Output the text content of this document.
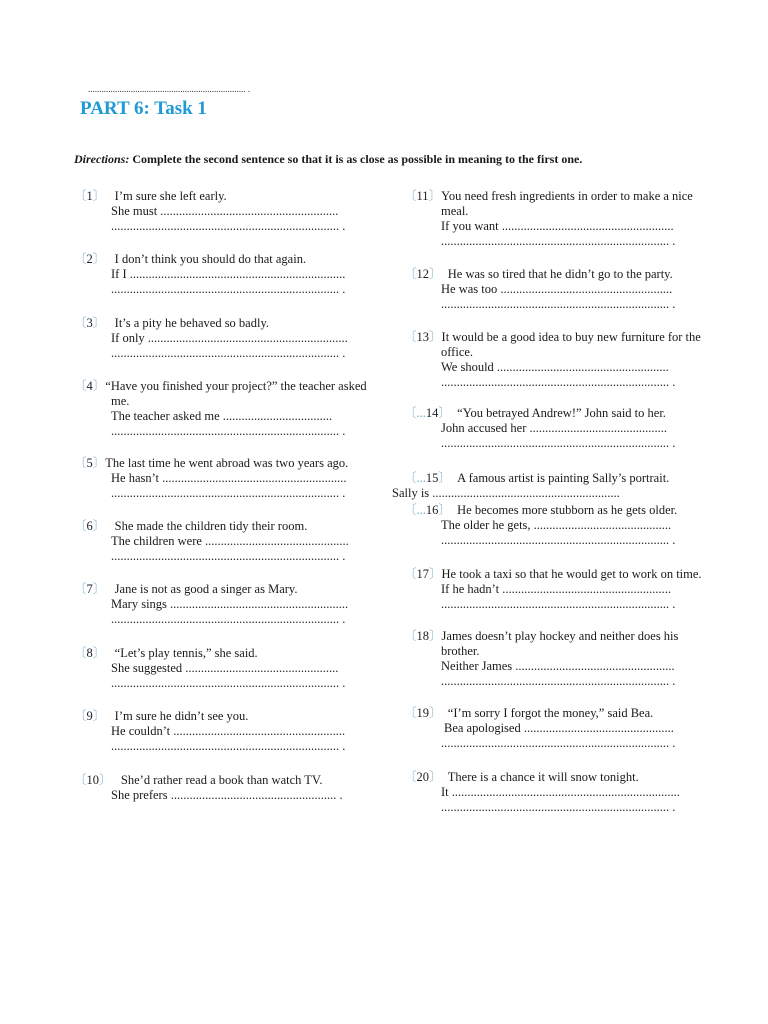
...................................................................... .
PART 6: Task 1
Directions: Complete the second sentence so that it is as close as possible in meaning to the first one.
〔1〕 I’m sure she left early.
She must .........................................................
......................................................................... .
〔2〕 I don’t think you should do that again.
If I .....................................................................
......................................................................... .
〔3〕 It’s a pity he behaved so badly.
If only ................................................................
......................................................................... .
〔4〕“Have you finished your project?” the teacher asked
me.
The teacher asked me ...................................
......................................................................... .
〔5〕The last time he went abroad was two years ago.
He hasn’t ...........................................................
......................................................................... .
〔6〕 She made the children tidy their room.
The children were ..............................................
......................................................................... .
〔7〕 Jane is not as good a singer as Mary.
Mary sings .........................................................
......................................................................... .
〔8〕 “Let’s play tennis,” she said.
She suggested .................................................
......................................................................... .
〔9〕 I’m sure he didn’t see you.
He couldn’t .......................................................
......................................................................... .
〔10〕 She’d rather read a book than watch TV.
She prefers ..................................................... .
〔11〕You need fresh ingredients in order to make a nice
meal.
If you want .......................................................
......................................................................... .
〔12〕 He was so tired that he didn’t go to the party.
He was too .......................................................
......................................................................... .
〔13〕It would be a good idea to buy new furniture for the
office.
We should .......................................................
......................................................................... .
〔...14〕 “You betrayed Andrew!” John said to her.
John accused her ............................................
......................................................................... .
〔...15〕 A famous artist is painting Sally’s portrait.
Sally is ............................................................
〔...16〕 He becomes more stubborn as he gets older.
The older he gets, ............................................
......................................................................... .
〔17〕He took a taxi so that he would get to work on time.
If he hadn’t ......................................................
......................................................................... .
〔18〕James doesn’t play hockey and neither does his
brother.
Neither James ...................................................
......................................................................... .
〔19〕 “I’m sorry I forgot the money,” said Bea.
Bea apologised ................................................
......................................................................... .
〔20〕 There is a chance it will snow tonight.
It .........................................................................
......................................................................... .
